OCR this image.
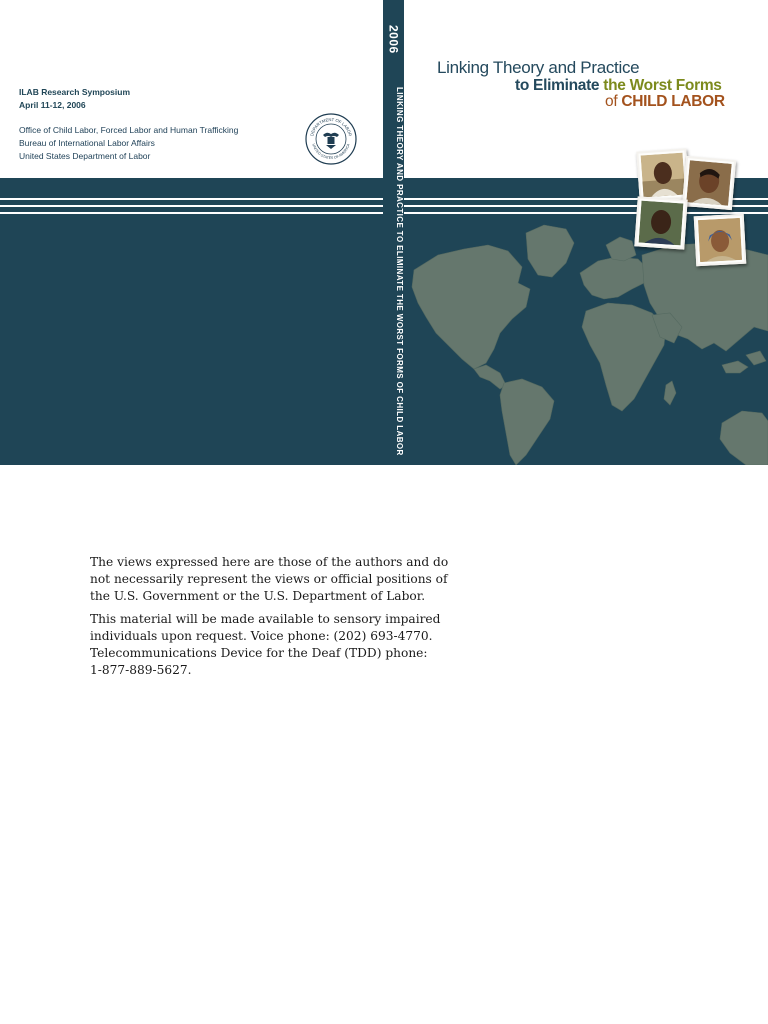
ILAB Research Symposium
April 11-12, 2006
Office of Child Labor, Forced Labor and Human Trafficking
Bureau of International Labor Affairs
United States Department of Labor
DEPARTMENT OF LABOR
UNITED STATES OF AMERICA
2006
LINKING THEORY AND PRACTICE TO ELIMINATE THE WORST FORMS OF CHILD LABOR
Linking Theory and Practice
to Eliminate the Worst Forms
of CHILD LABOR

The views expressed here are those of the authors and do
not necessarily represent the views or official positions of
the U.S. Government or the U.S. Department of Labor.

This material will be made available to sensory impaired
individuals upon request. Voice phone: (202) 693-4770.
Telecommunications Device for the Deaf (TDD) phone:
1-877-889-5627.
